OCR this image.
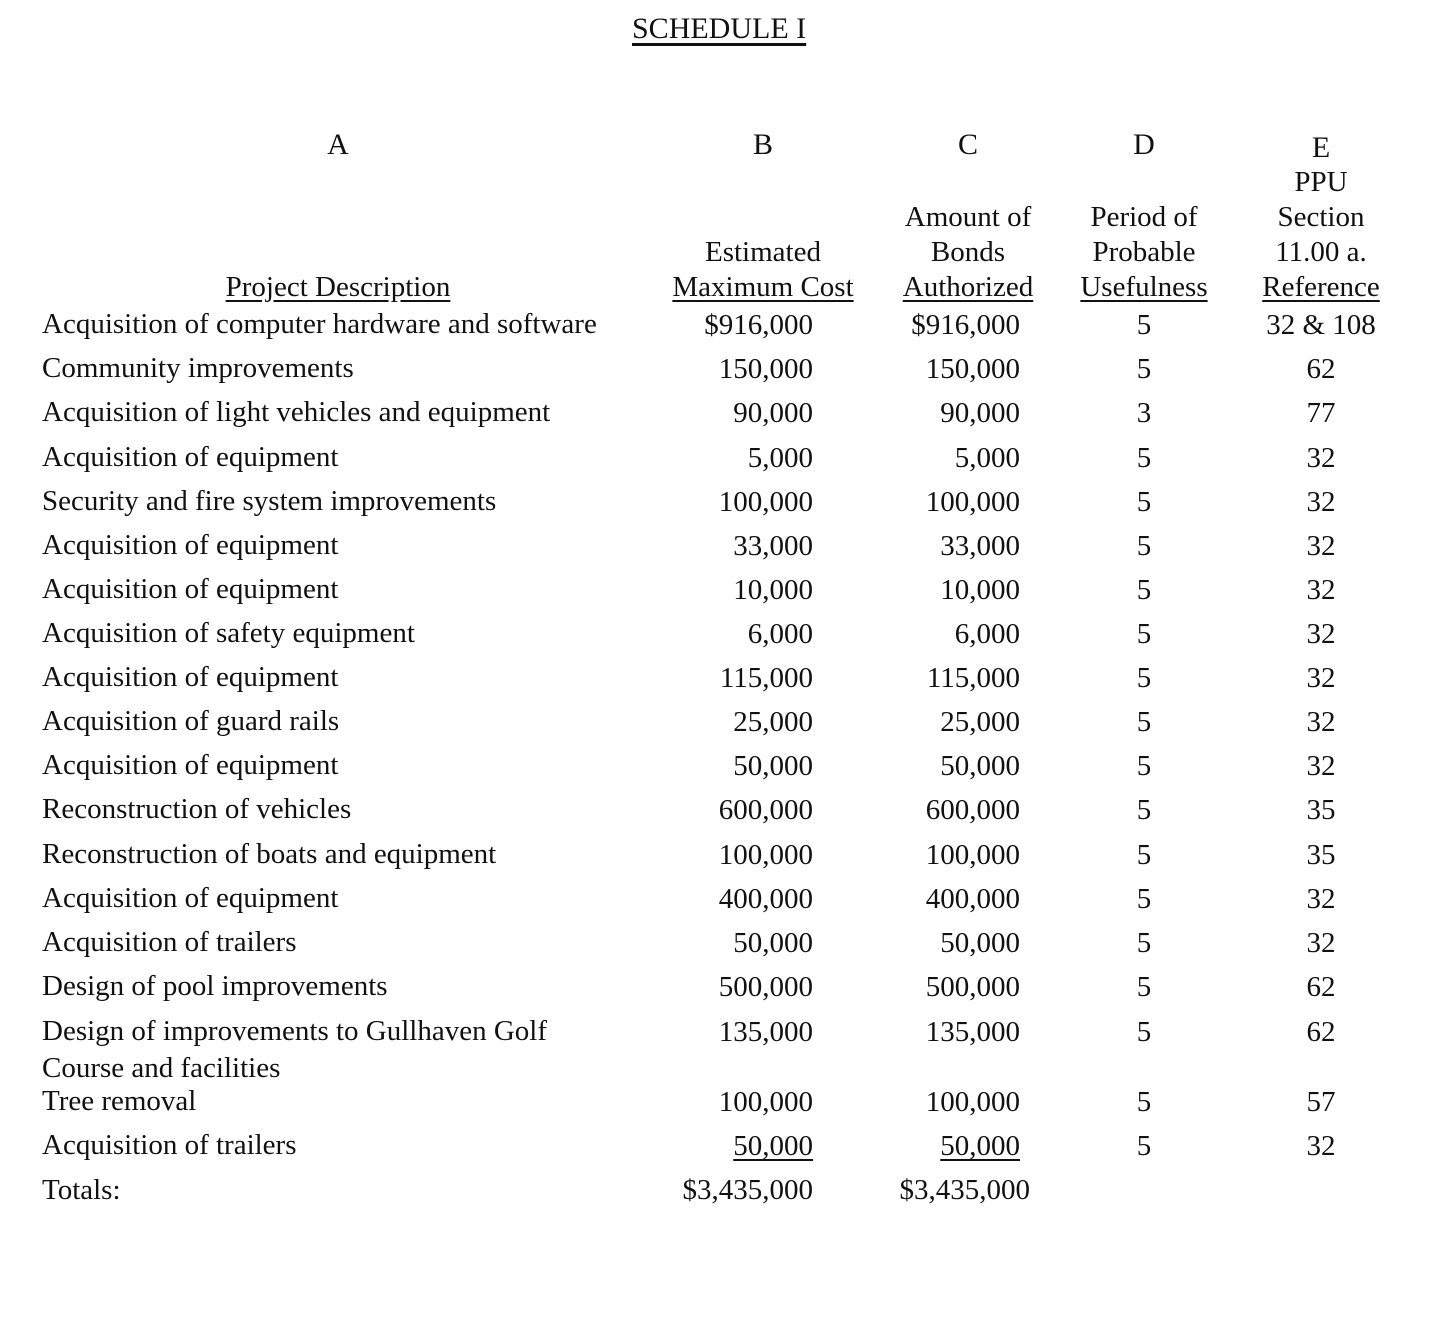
SCHEDULE I
A	B	C	D	E
Project Description
Estimated
Maximum Cost
Amount of
Bonds
Authorized
Period of
Probable
Usefulness
PPU
Section
11.00 a.
Reference
Acquisition of computer hardware and software	$916,000	$916,000	5	32 & 108
Community improvements	150,000	150,000	5	62
Acquisition of light vehicles and equipment	90,000	90,000	3	77
Acquisition of equipment	5,000	5,000	5	32
Security and fire system improvements	100,000	100,000	5	32
Acquisition of equipment	33,000	33,000	5	32
Acquisition of equipment	10,000	10,000	5	32
Acquisition of safety equipment	6,000	6,000	5	32
Acquisition of equipment	115,000	115,000	5	32
Acquisition of guard rails	25,000	25,000	5	32
Acquisition of equipment	50,000	50,000	5	32
Reconstruction of vehicles	600,000	600,000	5	35
Reconstruction of boats and equipment	100,000	100,000	5	35
Acquisition of equipment	400,000	400,000	5	32
Acquisition of trailers	50,000	50,000	5	32
Design of pool improvements	500,000	500,000	5	62
Design of improvements to Gullhaven Golf
Course and facilities
135,000	135,000	5	62
Tree removal	100,000	100,000	5	57
Acquisition of trailers	50,000	50,000	5	32
Totals:	$3,435,000	$3,435,000
